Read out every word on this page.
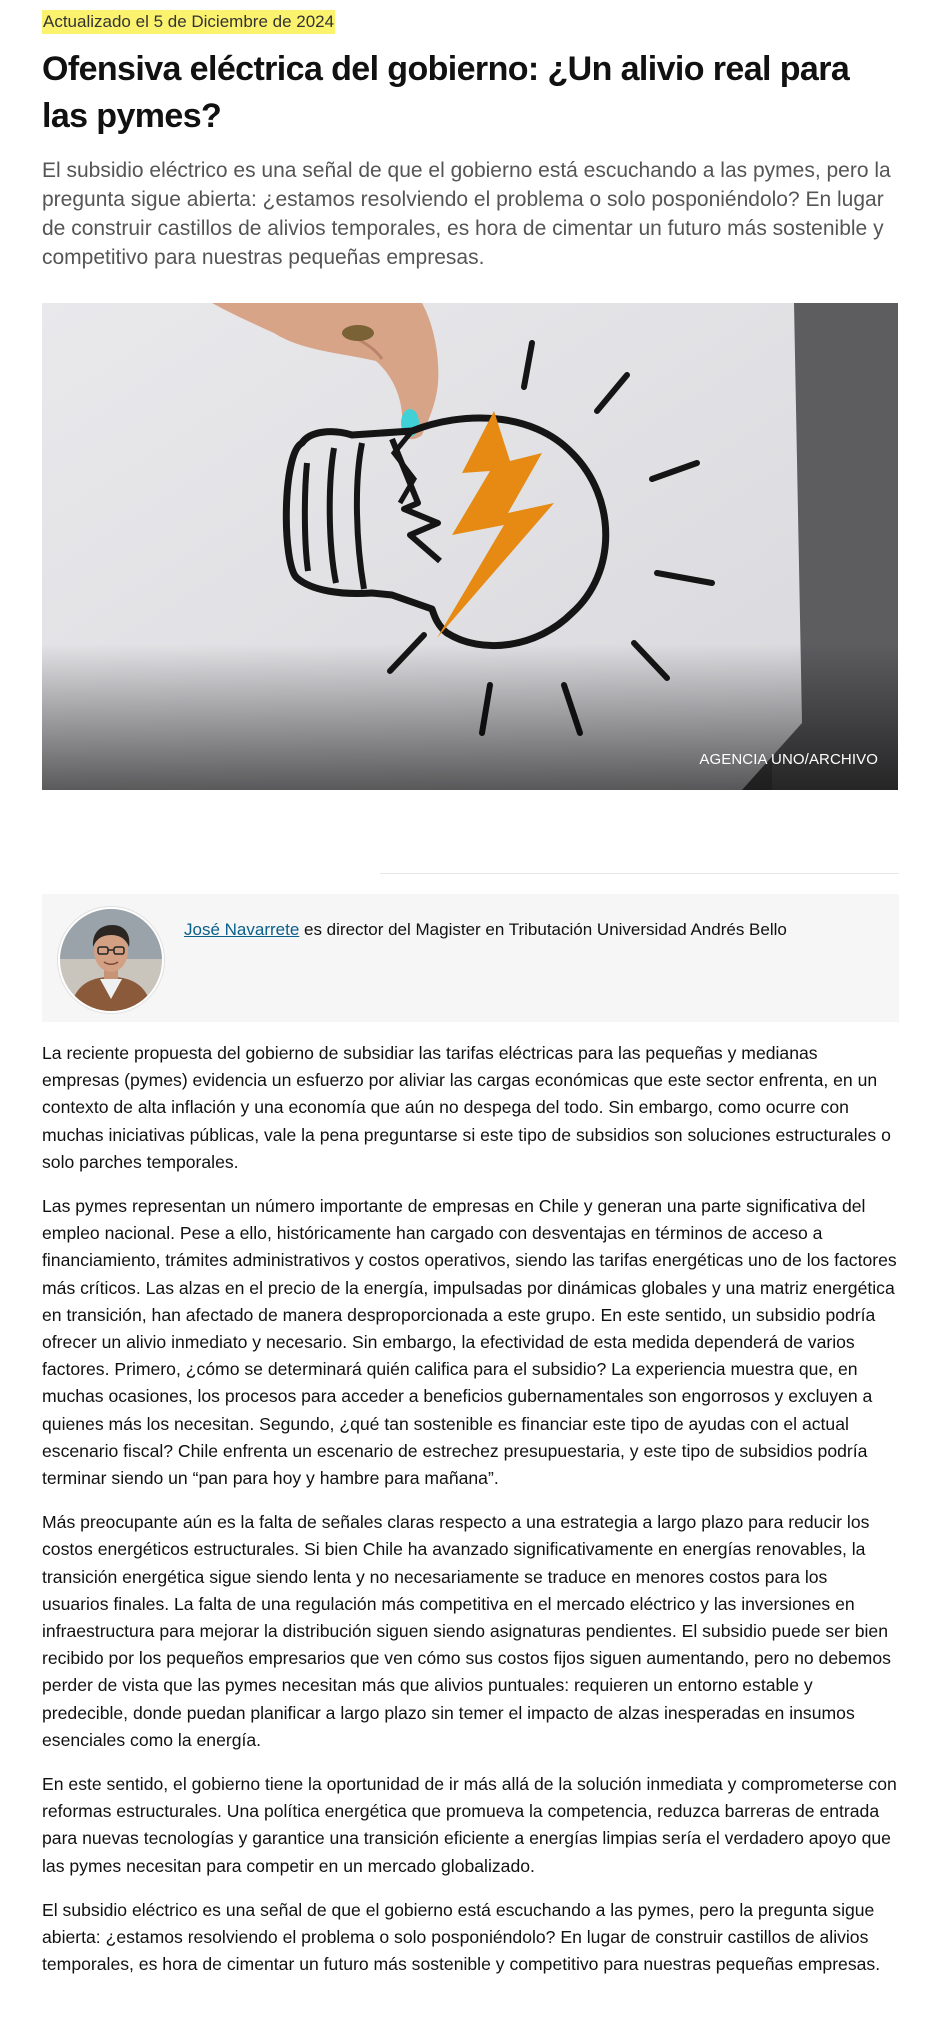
Actualizado el 5 de Diciembre de 2024
Ofensiva eléctrica del gobierno: ¿Un alivio real para las pymes?

El subsidio eléctrico es una señal de que el gobierno está escuchando a las pymes, pero la pregunta sigue abierta: ¿estamos resolviendo el problema o solo posponiéndolo? En lugar de construir castillos de alivios temporales, es hora de cimentar un futuro más sostenible y competitivo para nuestras pequeñas empresas.

AGENCIA UNO/ARCHIVO
José Navarrete es director del Magister en Tributación Universidad Andrés Bello

La reciente propuesta del gobierno de subsidiar las tarifas eléctricas para las pequeñas y medianas empresas (pymes) evidencia un esfuerzo por aliviar las cargas económicas que este sector enfrenta, en un contexto de alta inflación y una economía que aún no despega del todo. Sin embargo, como ocurre con muchas iniciativas públicas, vale la pena preguntarse si este tipo de subsidios son soluciones estructurales o solo parches temporales.

Las pymes representan un número importante de empresas en Chile y generan una parte significativa del empleo nacional. Pese a ello, históricamente han cargado con desventajas en términos de acceso a financiamiento, trámites administrativos y costos operativos, siendo las tarifas energéticas uno de los factores más críticos. Las alzas en el precio de la energía, impulsadas por dinámicas globales y una matriz energética en transición, han afectado de manera desproporcionada a este grupo. En este sentido, un subsidio podría ofrecer un alivio inmediato y necesario. Sin embargo, la efectividad de esta medida dependerá de varios factores. Primero, ¿cómo se determinará quién califica para el subsidio? La experiencia muestra que, en muchas ocasiones, los procesos para acceder a beneficios gubernamentales son engorrosos y excluyen a quienes más los necesitan. Segundo, ¿qué tan sostenible es financiar este tipo de ayudas con el actual escenario fiscal? Chile enfrenta un escenario de estrechez presupuestaria, y este tipo de subsidios podría terminar siendo un “pan para hoy y hambre para mañana”.

Más preocupante aún es la falta de señales claras respecto a una estrategia a largo plazo para reducir los costos energéticos estructurales. Si bien Chile ha avanzado significativamente en energías renovables, la transición energética sigue siendo lenta y no necesariamente se traduce en menores costos para los usuarios finales. La falta de una regulación más competitiva en el mercado eléctrico y las inversiones en infraestructura para mejorar la distribución siguen siendo asignaturas pendientes. El subsidio puede ser bien recibido por los pequeños empresarios que ven cómo sus costos fijos siguen aumentando, pero no debemos perder de vista que las pymes necesitan más que alivios puntuales: requieren un entorno estable y predecible, donde puedan planificar a largo plazo sin temer el impacto de alzas inesperadas en insumos esenciales como la energía.

En este sentido, el gobierno tiene la oportunidad de ir más allá de la solución inmediata y comprometerse con reformas estructurales. Una política energética que promueva la competencia, reduzca barreras de entrada para nuevas tecnologías y garantice una transición eficiente a energías limpias sería el verdadero apoyo que las pymes necesitan para competir en un mercado globalizado.

El subsidio eléctrico es una señal de que el gobierno está escuchando a las pymes, pero la pregunta sigue abierta: ¿estamos resolviendo el problema o solo posponiéndolo? En lugar de construir castillos de alivios temporales, es hora de cimentar un futuro más sostenible y competitivo para nuestras pequeñas empresas.
